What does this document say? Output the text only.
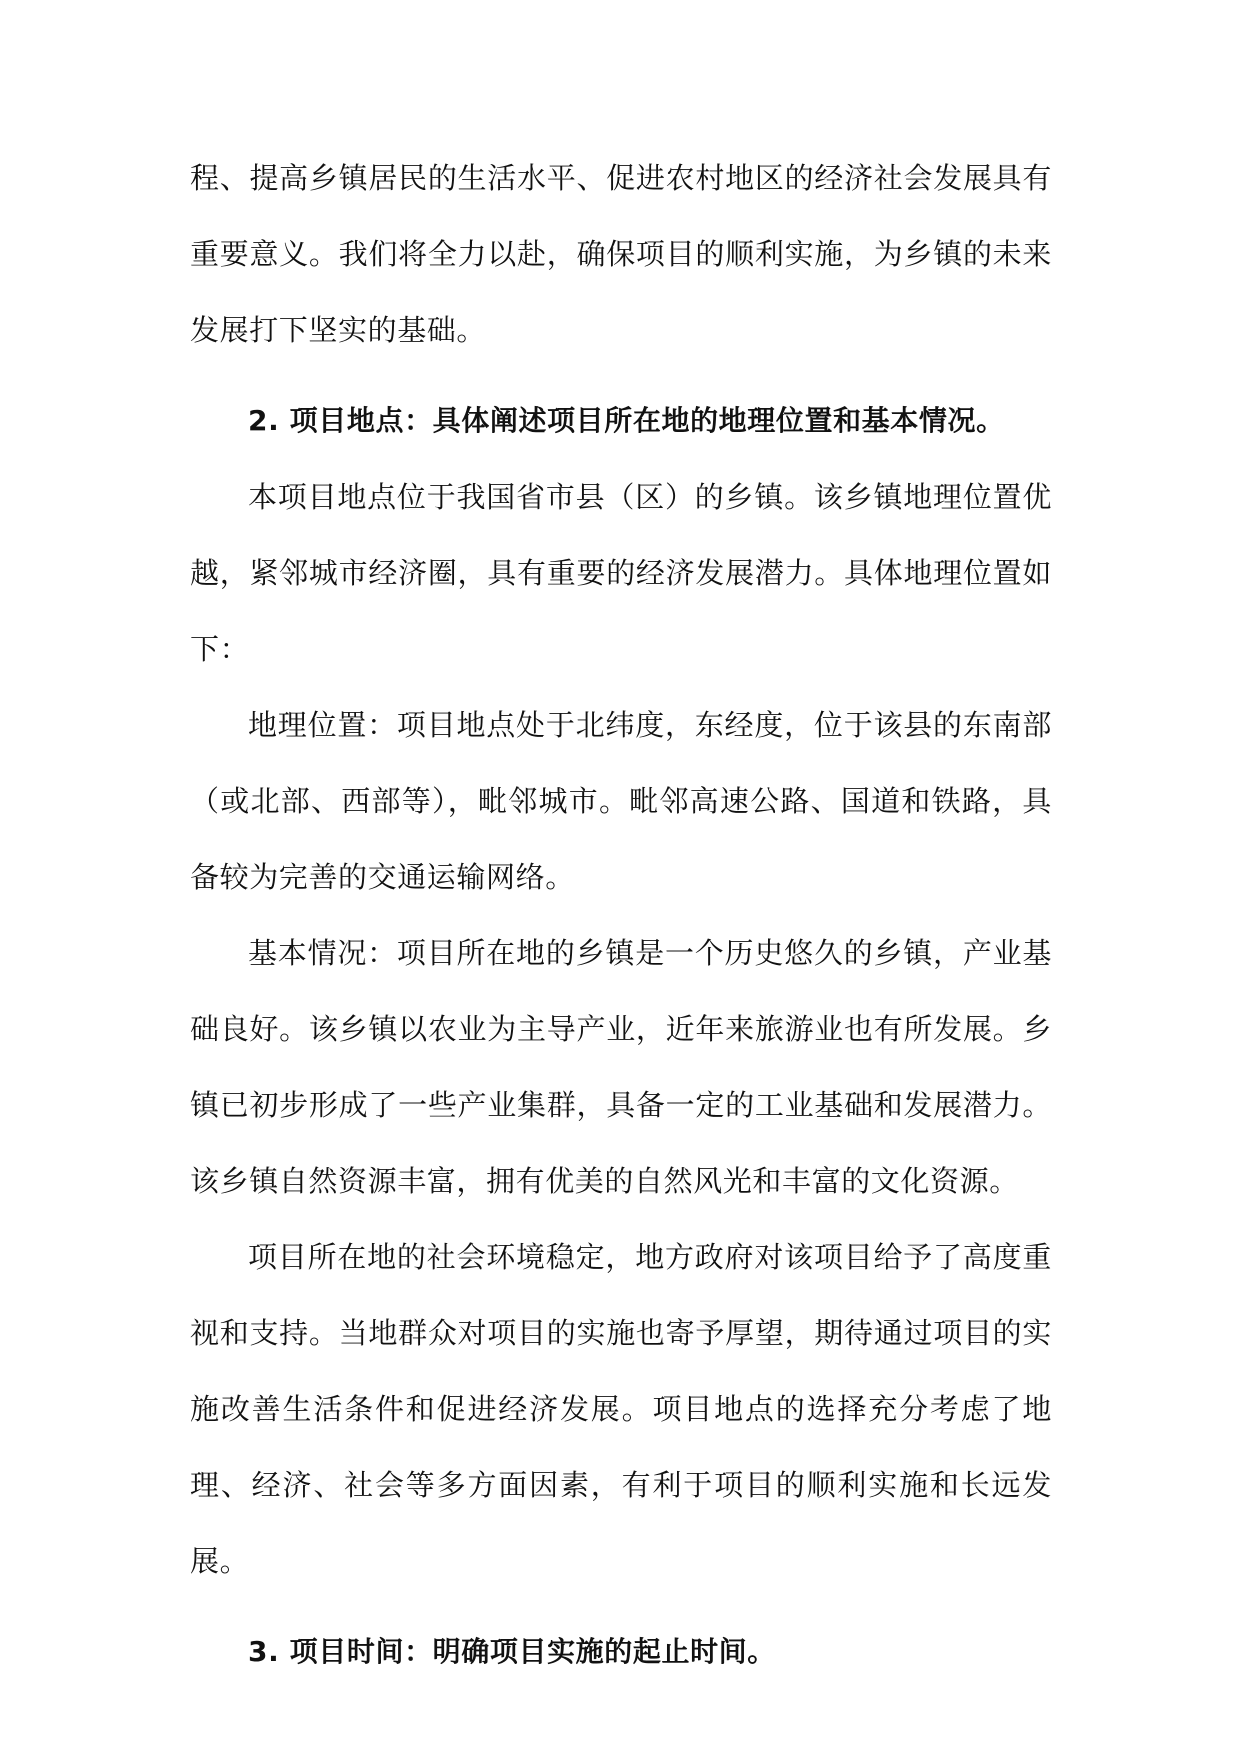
程、提高乡镇居民的生活水平、促进农村地区的经济社会发展具有重要意义。我们将全力以赴，确保项目的顺利实施，为乡镇的未来发展打下坚实的基础。

2. 项目地点：具体阐述项目所在地的地理位置和基本情况。

本项目地点位于我国省市县（区）的乡镇。该乡镇地理位置优越，紧邻城市经济圈，具有重要的经济发展潜力。具体地理位置如下：

地理位置：项目地点处于北纬度，东经度，位于该县的东南部（或北部、西部等），毗邻城市。毗邻高速公路、国道和铁路，具备较为完善的交通运输网络。

基本情况：项目所在地的乡镇是一个历史悠久的乡镇，产业基础良好。该乡镇以农业为主导产业，近年来旅游业也有所发展。乡镇已初步形成了一些产业集群，具备一定的工业基础和发展潜力。该乡镇自然资源丰富，拥有优美的自然风光和丰富的文化资源。

项目所在地的社会环境稳定，地方政府对该项目给予了高度重视和支持。当地群众对项目的实施也寄予厚望，期待通过项目的实施改善生活条件和促进经济发展。项目地点的选择充分考虑了地理、经济、社会等多方面因素，有利于项目的顺利实施和长远发展。

3. 项目时间：明确项目实施的起止时间。
